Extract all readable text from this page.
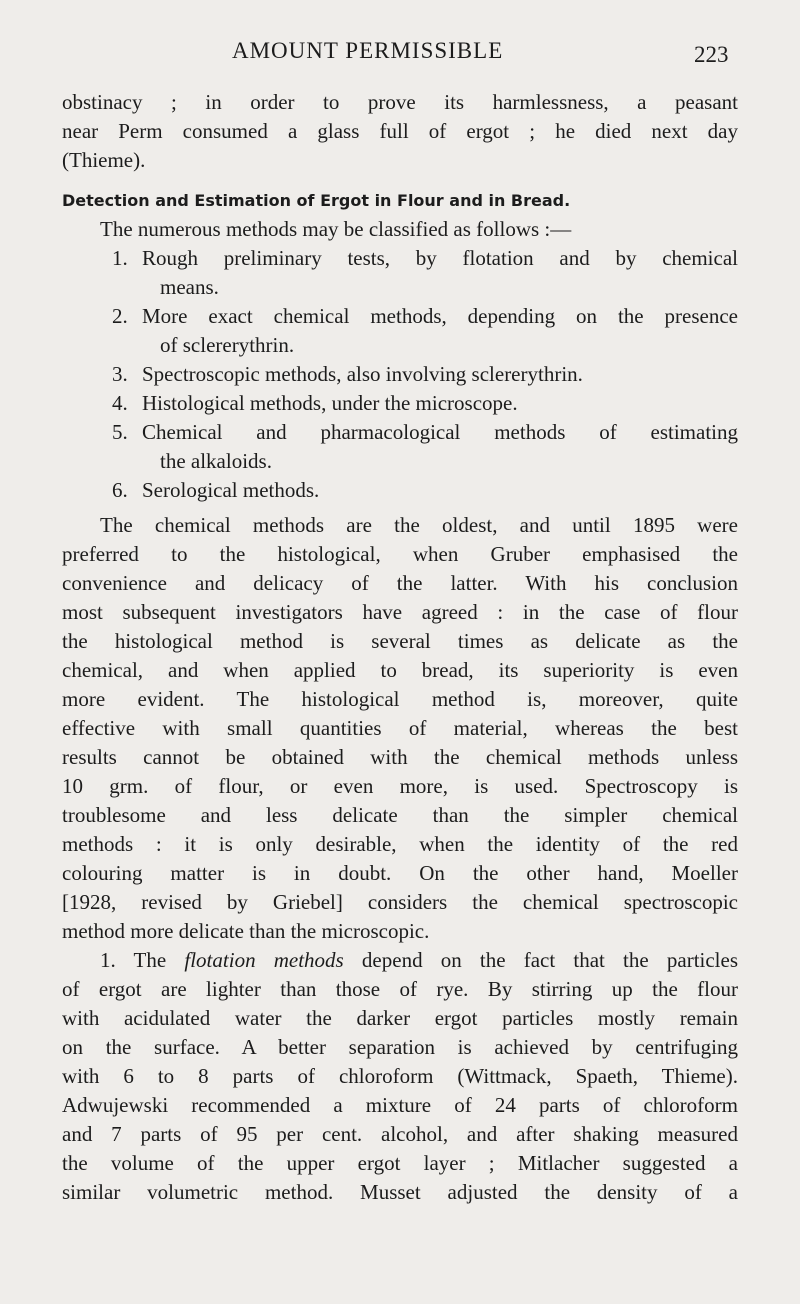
AMOUNT PERMISSIBLE	223
obstinacy ; in order to prove its harmlessness, a peasant
near Perm consumed a glass full of ergot ; he died next day
(Thieme).
Detection and Estimation of Ergot in Flour and in Bread.
The numerous methods may be classified as follows :—
1. Rough preliminary tests, by flotation and by chemical
means.
2. More exact chemical methods, depending on the presence
of sclererythrin.
3. Spectroscopic methods, also involving sclererythrin.
4. Histological methods, under the microscope.
5. Chemical and pharmacological methods of estimating
the alkaloids.
6. Serological methods.
The chemical methods are the oldest, and until 1895 were
preferred to the histological, when Gruber emphasised the
convenience and delicacy of the latter. With his conclusion
most subsequent investigators have agreed : in the case of flour
the histological method is several times as delicate as the
chemical, and when applied to bread, its superiority is even
more evident. The histological method is, moreover, quite
effective with small quantities of material, whereas the best
results cannot be obtained with the chemical methods unless
10 grm. of flour, or even more, is used. Spectroscopy is
troublesome and less delicate than the simpler chemical
methods : it is only desirable, when the identity of the red
colouring matter is in doubt. On the other hand, Moeller
[1928, revised by Griebel] considers the chemical spectroscopic
method more delicate than the microscopic.
1. The flotation methods depend on the fact that the particles
of ergot are lighter than those of rye. By stirring up the flour
with acidulated water the darker ergot particles mostly remain
on the surface. A better separation is achieved by centrifuging
with 6 to 8 parts of chloroform (Wittmack, Spaeth, Thieme).
Adwujewski recommended a mixture of 24 parts of chloroform
and 7 parts of 95 per cent. alcohol, and after shaking measured
the volume of the upper ergot layer ; Mitlacher suggested a
similar volumetric method. Musset adjusted the density of a
